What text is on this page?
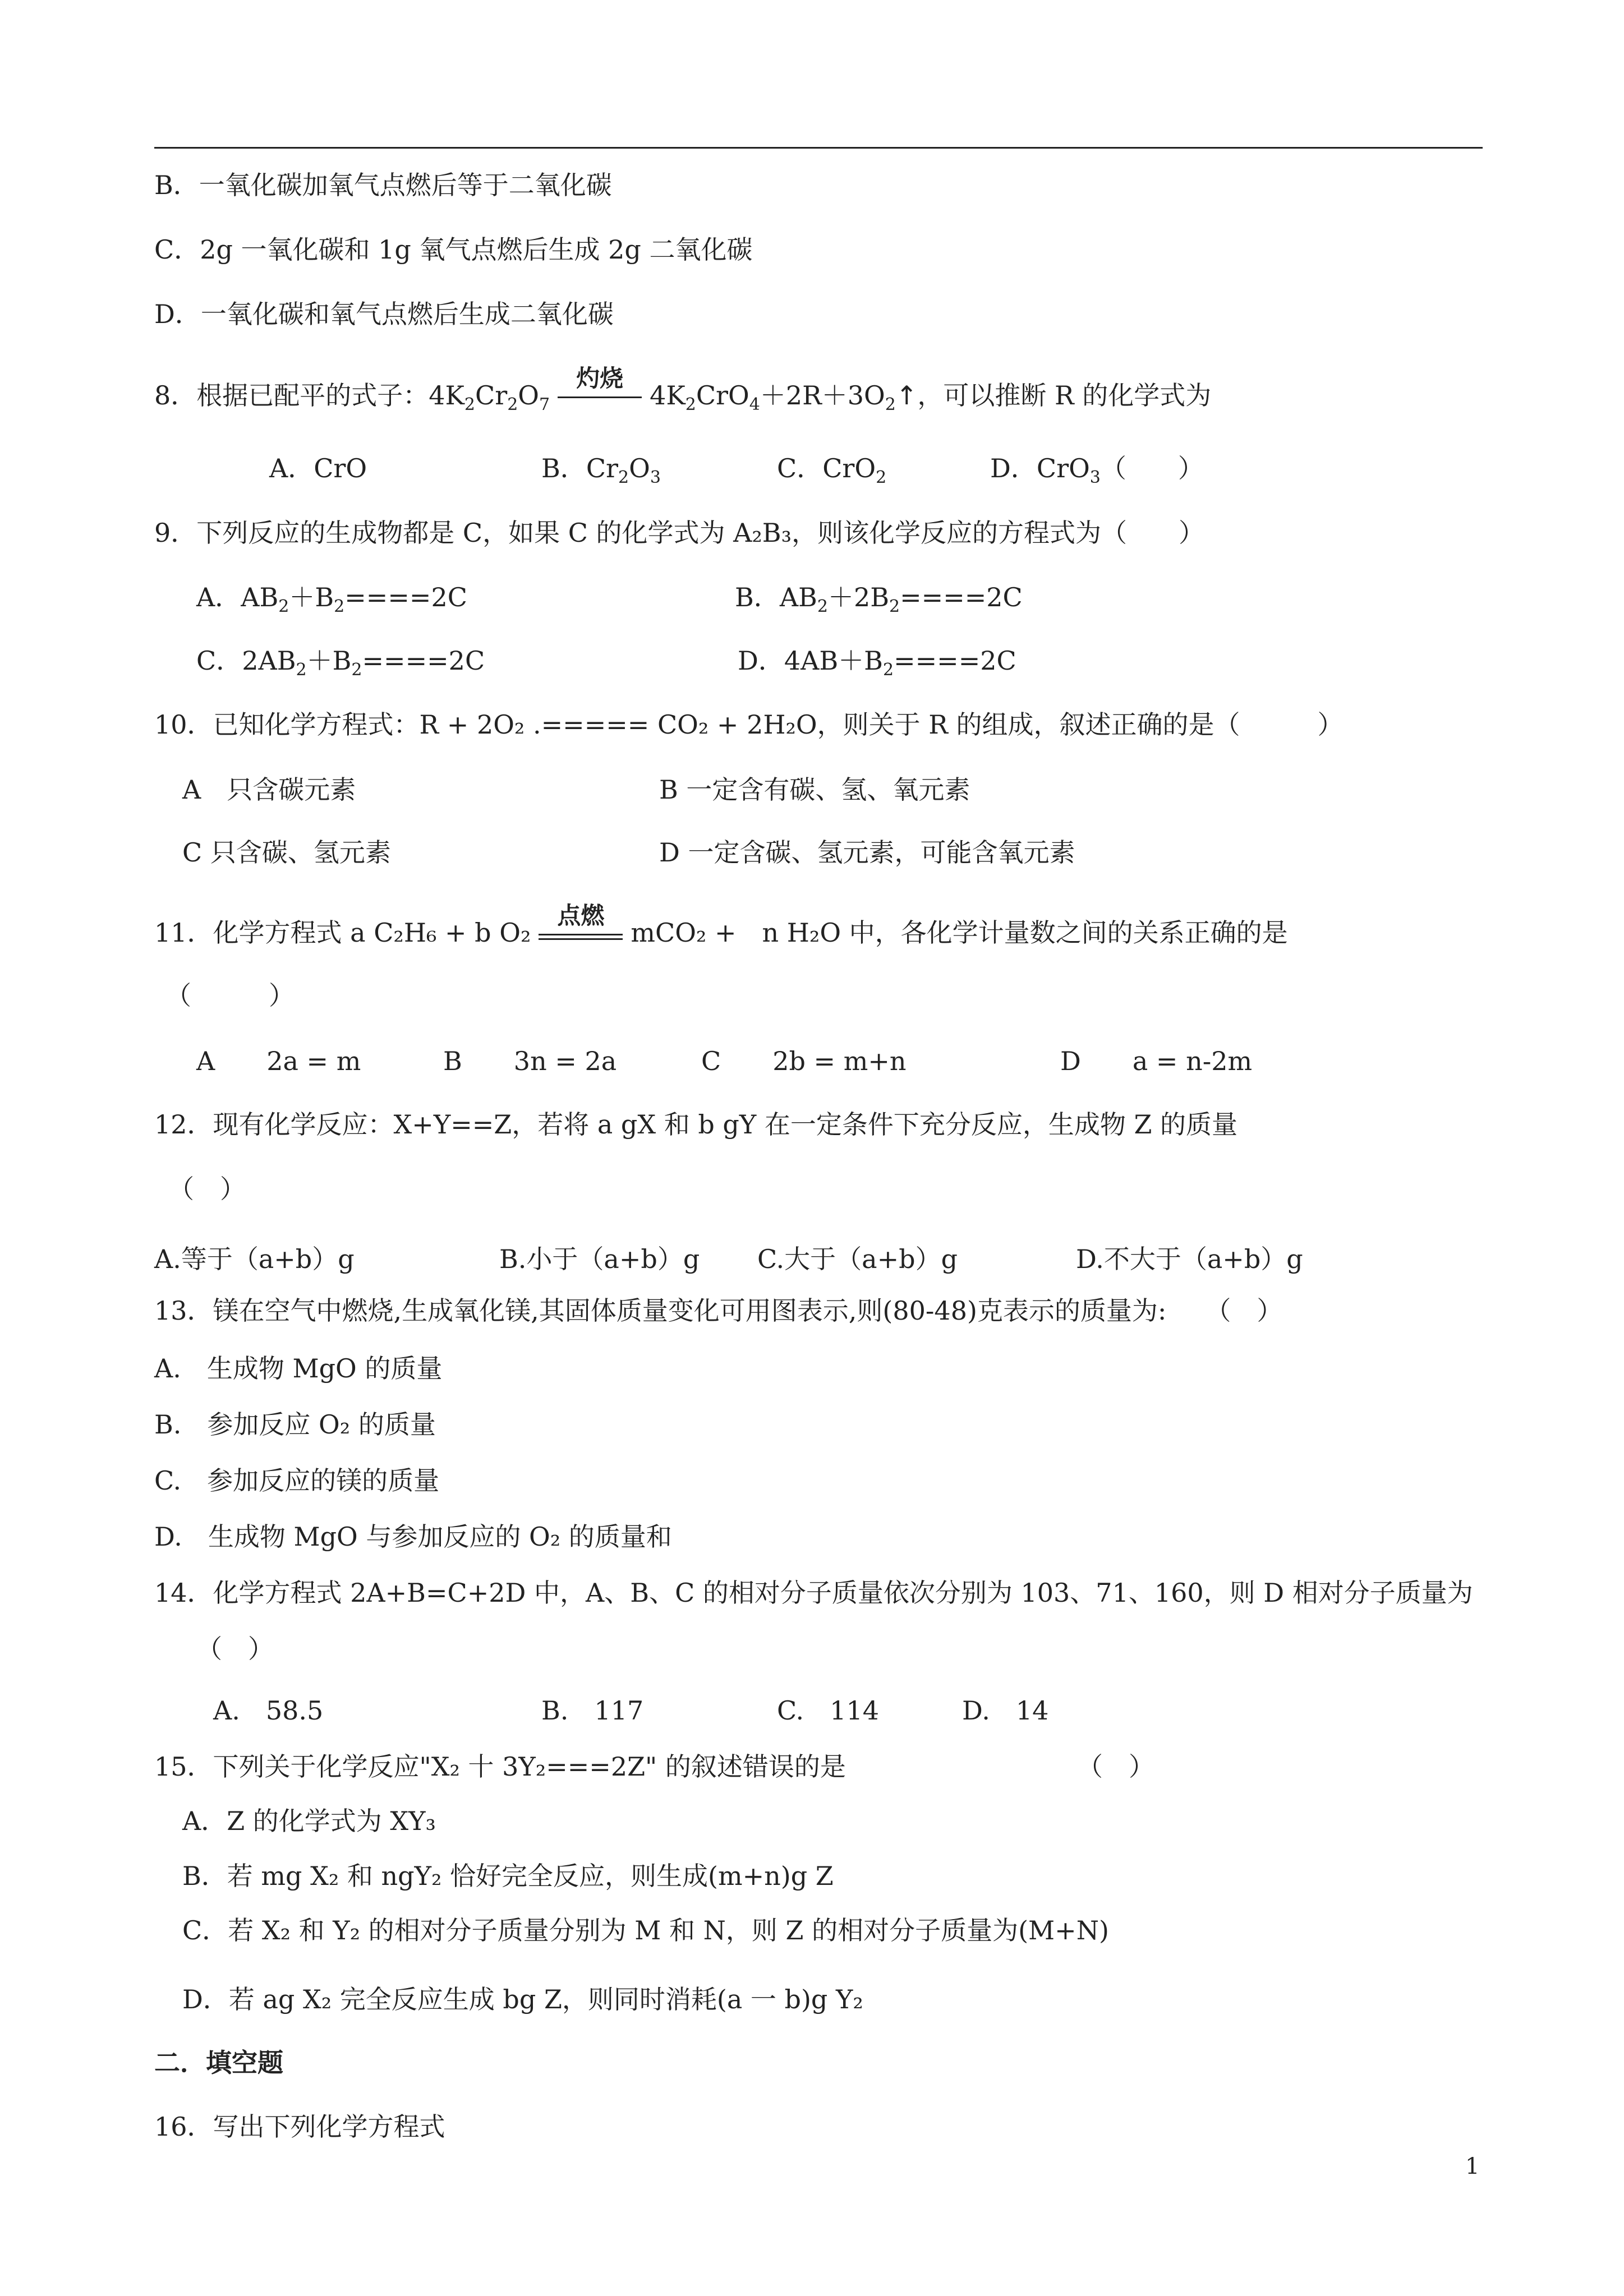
B．一氧化碳加氧气点燃后等于二氧化碳
C．2g 一氧化碳和 1g 氧气点燃后生成 2g 二氧化碳
D．一氧化碳和氧气点燃后生成二氧化碳
8．根据已配平的式子：$4K_2Cr_2O_7$
灼烧
$4K_2CrO_4+2R+3O_2↑$，可以推断 R 的化学式为
A．CrO	B．$Cr_2O_3$	C．CrO$_2$	D．CrO$_3$（　　）
9．下列反应的生成物都是 C，如果 C 的化学式为 A₂B₃，则该化学反应的方程式为（　　）
A．$AB_2+B_2====2C$	B．$AB_2+2B_2====2C$
C．$2AB_2+B_2====2C$	D．$4AB+B_2====2C$
10．已知化学方程式：R + 2O₂ .===== CO₂ + 2H₂O，则关于 R 的组成，叙述正确的是（　　　）
A　只含碳元素	B 一定含有碳、氢、氧元素
C 只含碳、氢元素	D 一定含碳、氢元素，可能含氧元素
11．化学方程式 a C₂H₆ + b O₂
点燃
mCO₂ +　n H₂O 中，各化学计量数之间的关系正确的是
（　　　）
A　　2a = m	B　　3n = 2a	C　　2b = m+n	D　　a = n-2m
12．现有化学反应：X+Y==Z，若将 a gX 和 b gY 在一定条件下充分反应，生成物 Z 的质量
（　）
A.等于（a+b）g	B.小于（a+b）g C.大于（a+b）g	D.不大于（a+b）g
13．镁在空气中燃烧,生成氧化镁,其固体质量变化可用图表示,则(80-48)克表示的质量为:　　（　）
A.　生成物 MgO 的质量
B.　参加反应 O₂ 的质量
C.　参加反应的镁的质量
D.　生成物 MgO 与参加反应的 O₂ 的质量和
14．化学方程式 2A+B=C+2D 中，A、B、C 的相对分子质量依次分别为 103、71、160，则 D 相对分子质量为
（　）
A.　58.5	B.　117	C.　114	D.　14
15．下列关于化学反应"X₂ 十 3Y₂===2Z" 的叙述错误的是	（　）
A．Z 的化学式为 XY₃
B．若 mg X₂ 和 ngY₂ 恰好完全反应，则生成(m+n)g Z
C．若 X₂ 和 Y₂ 的相对分子质量分别为 M 和 N，则 Z 的相对分子质量为(M+N)
D．若 ag X₂ 完全反应生成 bg Z，则同时消耗(a 一 b)g Y₂
二．填空题
16．写出下列化学方程式
1
